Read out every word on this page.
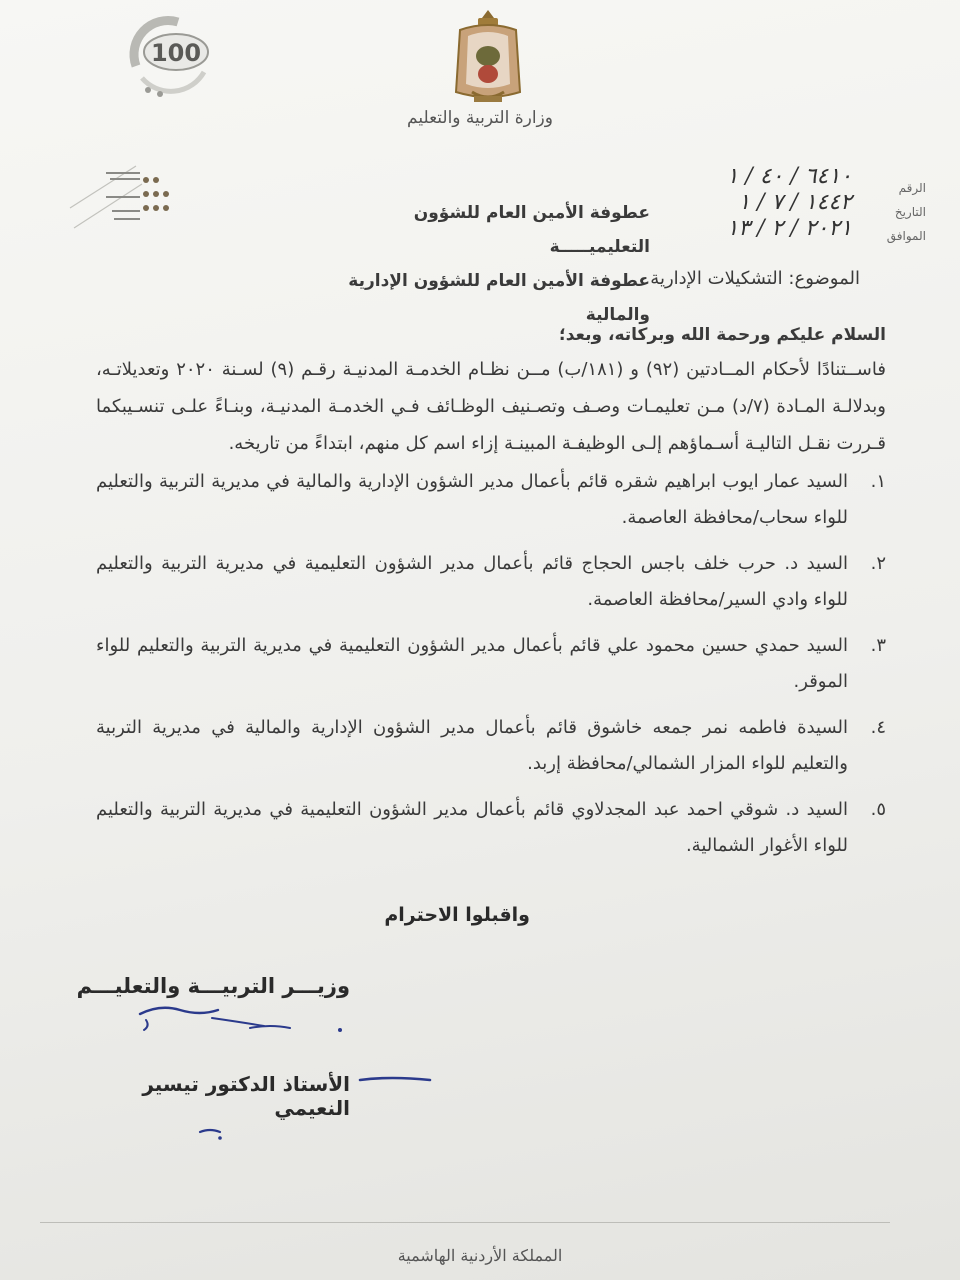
100
وزارة التربية والتعليم
الرقم
التاريخ
الموافق
٦٤١٠ / ٤٠ / ١
١٤٤٢ / ٧ / ١
٢٠٢١ / ٢ / ١٣
عطوفة الأمين العام للشؤون التعليميـــــة
عطوفة الأمين العام للشؤون الإدارية والمالية
الموضوع: التشكيلات الإدارية
السلام عليكم ورحمة الله وبركاته، وبعد؛

فاســتنادًا لأحكام المــادتين (٩٢) و (١٨١/ب) مــن نظـام الخدمـة المدنيـة رقـم (٩) لسـنة ٢٠٢٠ وتعديلاتـه، وبدلالـة المـادة (٧/د) مـن تعليمـات وصـف وتصـنيف الوظـائف فـي الخدمـة المدنيـة، وبنـاءً علـى تنسـيبكما قـررت نقـل التاليـة أسـماؤهم إلـى الوظيفـة المبينـة إزاء اسم كل منهم، ابتداءً من تاريخه.

١.
السيد عمار ايوب ابراهيم شقره قائم بأعمال مدير الشؤون الإدارية والمالية في مديرية التربية والتعليم للواء سحاب/محافظة العاصمة.
٢.
السيد د. حرب خلف باجس الحجاج قائم بأعمال مدير الشؤون التعليمية في مديرية التربية والتعليم للواء وادي السير/محافظة العاصمة.
٣.
السيد حمدي حسين محمود علي قائم بأعمال مدير الشؤون التعليمية في مديرية التربية والتعليم للواء الموقر.
٤.
السيدة فاطمه نمر جمعه خاشوق قائم بأعمال مدير الشؤون الإدارية والمالية في مديرية التربية والتعليم للواء المزار الشمالي/محافظة إربد.
٥.
السيد د. شوقي احمد عبد المجدلاوي قائم بأعمال مدير الشؤون التعليمية في مديرية التربية والتعليم للواء الأغوار الشمالية.
واقبلوا الاحترام
وزيـــر التربيـــة والتعليـــم
الأستاذ الدكتور تيسير النعيمي
المملكة الأردنية الهاشمية
